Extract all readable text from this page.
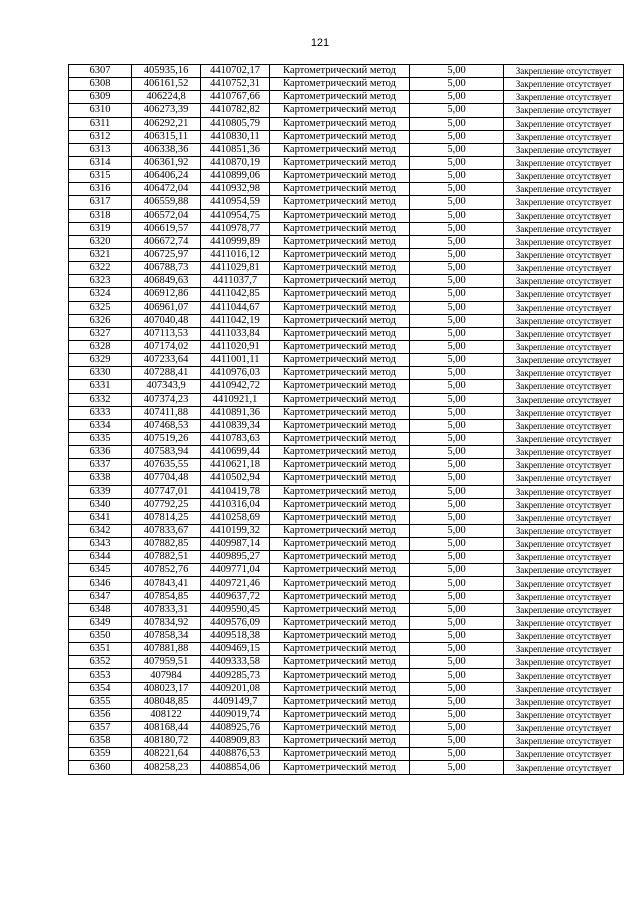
121
6307	405935,16	4410702,17	Картометрический метод	5,00	Закрепление отсутствует
6308	406161,52	4410752,31	Картометрический метод	5,00	Закрепление отсутствует
6309	406224,8	4410767,66	Картометрический метод	5,00	Закрепление отсутствует
6310	406273,39	4410782,82	Картометрический метод	5,00	Закрепление отсутствует
6311	406292,21	4410805,79	Картометрический метод	5,00	Закрепление отсутствует
6312	406315,11	4410830,11	Картометрический метод	5,00	Закрепление отсутствует
6313	406338,36	4410851,36	Картометрический метод	5,00	Закрепление отсутствует
6314	406361,92	4410870,19	Картометрический метод	5,00	Закрепление отсутствует
6315	406406,24	4410899,06	Картометрический метод	5,00	Закрепление отсутствует
6316	406472,04	4410932,98	Картометрический метод	5,00	Закрепление отсутствует
6317	406559,88	4410954,59	Картометрический метод	5,00	Закрепление отсутствует
6318	406572,04	4410954,75	Картометрический метод	5,00	Закрепление отсутствует
6319	406619,57	4410978,77	Картометрический метод	5,00	Закрепление отсутствует
6320	406672,74	4410999,89	Картометрический метод	5,00	Закрепление отсутствует
6321	406725,97	4411016,12	Картометрический метод	5,00	Закрепление отсутствует
6322	406788,73	4411029,81	Картометрический метод	5,00	Закрепление отсутствует
6323	406849,63	4411037,7	Картометрический метод	5,00	Закрепление отсутствует
6324	406912,86	4411042,85	Картометрический метод	5,00	Закрепление отсутствует
6325	406961,07	4411044,67	Картометрический метод	5,00	Закрепление отсутствует
6326	407040,48	4411042,19	Картометрический метод	5,00	Закрепление отсутствует
6327	407113,53	4411033,84	Картометрический метод	5,00	Закрепление отсутствует
6328	407174,02	4411020,91	Картометрический метод	5,00	Закрепление отсутствует
6329	407233,64	4411001,11	Картометрический метод	5,00	Закрепление отсутствует
6330	407288,41	4410976,03	Картометрический метод	5,00	Закрепление отсутствует
6331	407343,9	4410942,72	Картометрический метод	5,00	Закрепление отсутствует
6332	407374,23	4410921,1	Картометрический метод	5,00	Закрепление отсутствует
6333	407411,88	4410891,36	Картометрический метод	5,00	Закрепление отсутствует
6334	407468,53	4410839,34	Картометрический метод	5,00	Закрепление отсутствует
6335	407519,26	4410783,63	Картометрический метод	5,00	Закрепление отсутствует
6336	407583,94	4410699,44	Картометрический метод	5,00	Закрепление отсутствует
6337	407635,55	4410621,18	Картометрический метод	5,00	Закрепление отсутствует
6338	407704,48	4410502,94	Картометрический метод	5,00	Закрепление отсутствует
6339	407747,01	4410419,78	Картометрический метод	5,00	Закрепление отсутствует
6340	407792,25	4410316,04	Картометрический метод	5,00	Закрепление отсутствует
6341	407814,25	4410258,69	Картометрический метод	5,00	Закрепление отсутствует
6342	407833,67	4410199,32	Картометрический метод	5,00	Закрепление отсутствует
6343	407882,85	4409987,14	Картометрический метод	5,00	Закрепление отсутствует
6344	407882,51	4409895,27	Картометрический метод	5,00	Закрепление отсутствует
6345	407852,76	4409771,04	Картометрический метод	5,00	Закрепление отсутствует
6346	407843,41	4409721,46	Картометрический метод	5,00	Закрепление отсутствует
6347	407854,85	4409637,72	Картометрический метод	5,00	Закрепление отсутствует
6348	407833,31	4409590,45	Картометрический метод	5,00	Закрепление отсутствует
6349	407834,92	4409576,09	Картометрический метод	5,00	Закрепление отсутствует
6350	407858,34	4409518,38	Картометрический метод	5,00	Закрепление отсутствует
6351	407881,88	4409469,15	Картометрический метод	5,00	Закрепление отсутствует
6352	407959,51	4409333,58	Картометрический метод	5,00	Закрепление отсутствует
6353	407984	4409285,73	Картометрический метод	5,00	Закрепление отсутствует
6354	408023,17	4409201,08	Картометрический метод	5,00	Закрепление отсутствует
6355	408048,85	4409149,7	Картометрический метод	5,00	Закрепление отсутствует
6356	408122	4409019,74	Картометрический метод	5,00	Закрепление отсутствует
6357	408168,44	4408925,76	Картометрический метод	5,00	Закрепление отсутствует
6358	408180,72	4408909,83	Картометрический метод	5,00	Закрепление отсутствует
6359	408221,64	4408876,53	Картометрический метод	5,00	Закрепление отсутствует
6360	408258,23	4408854,06	Картометрический метод	5,00	Закрепление отсутствует
